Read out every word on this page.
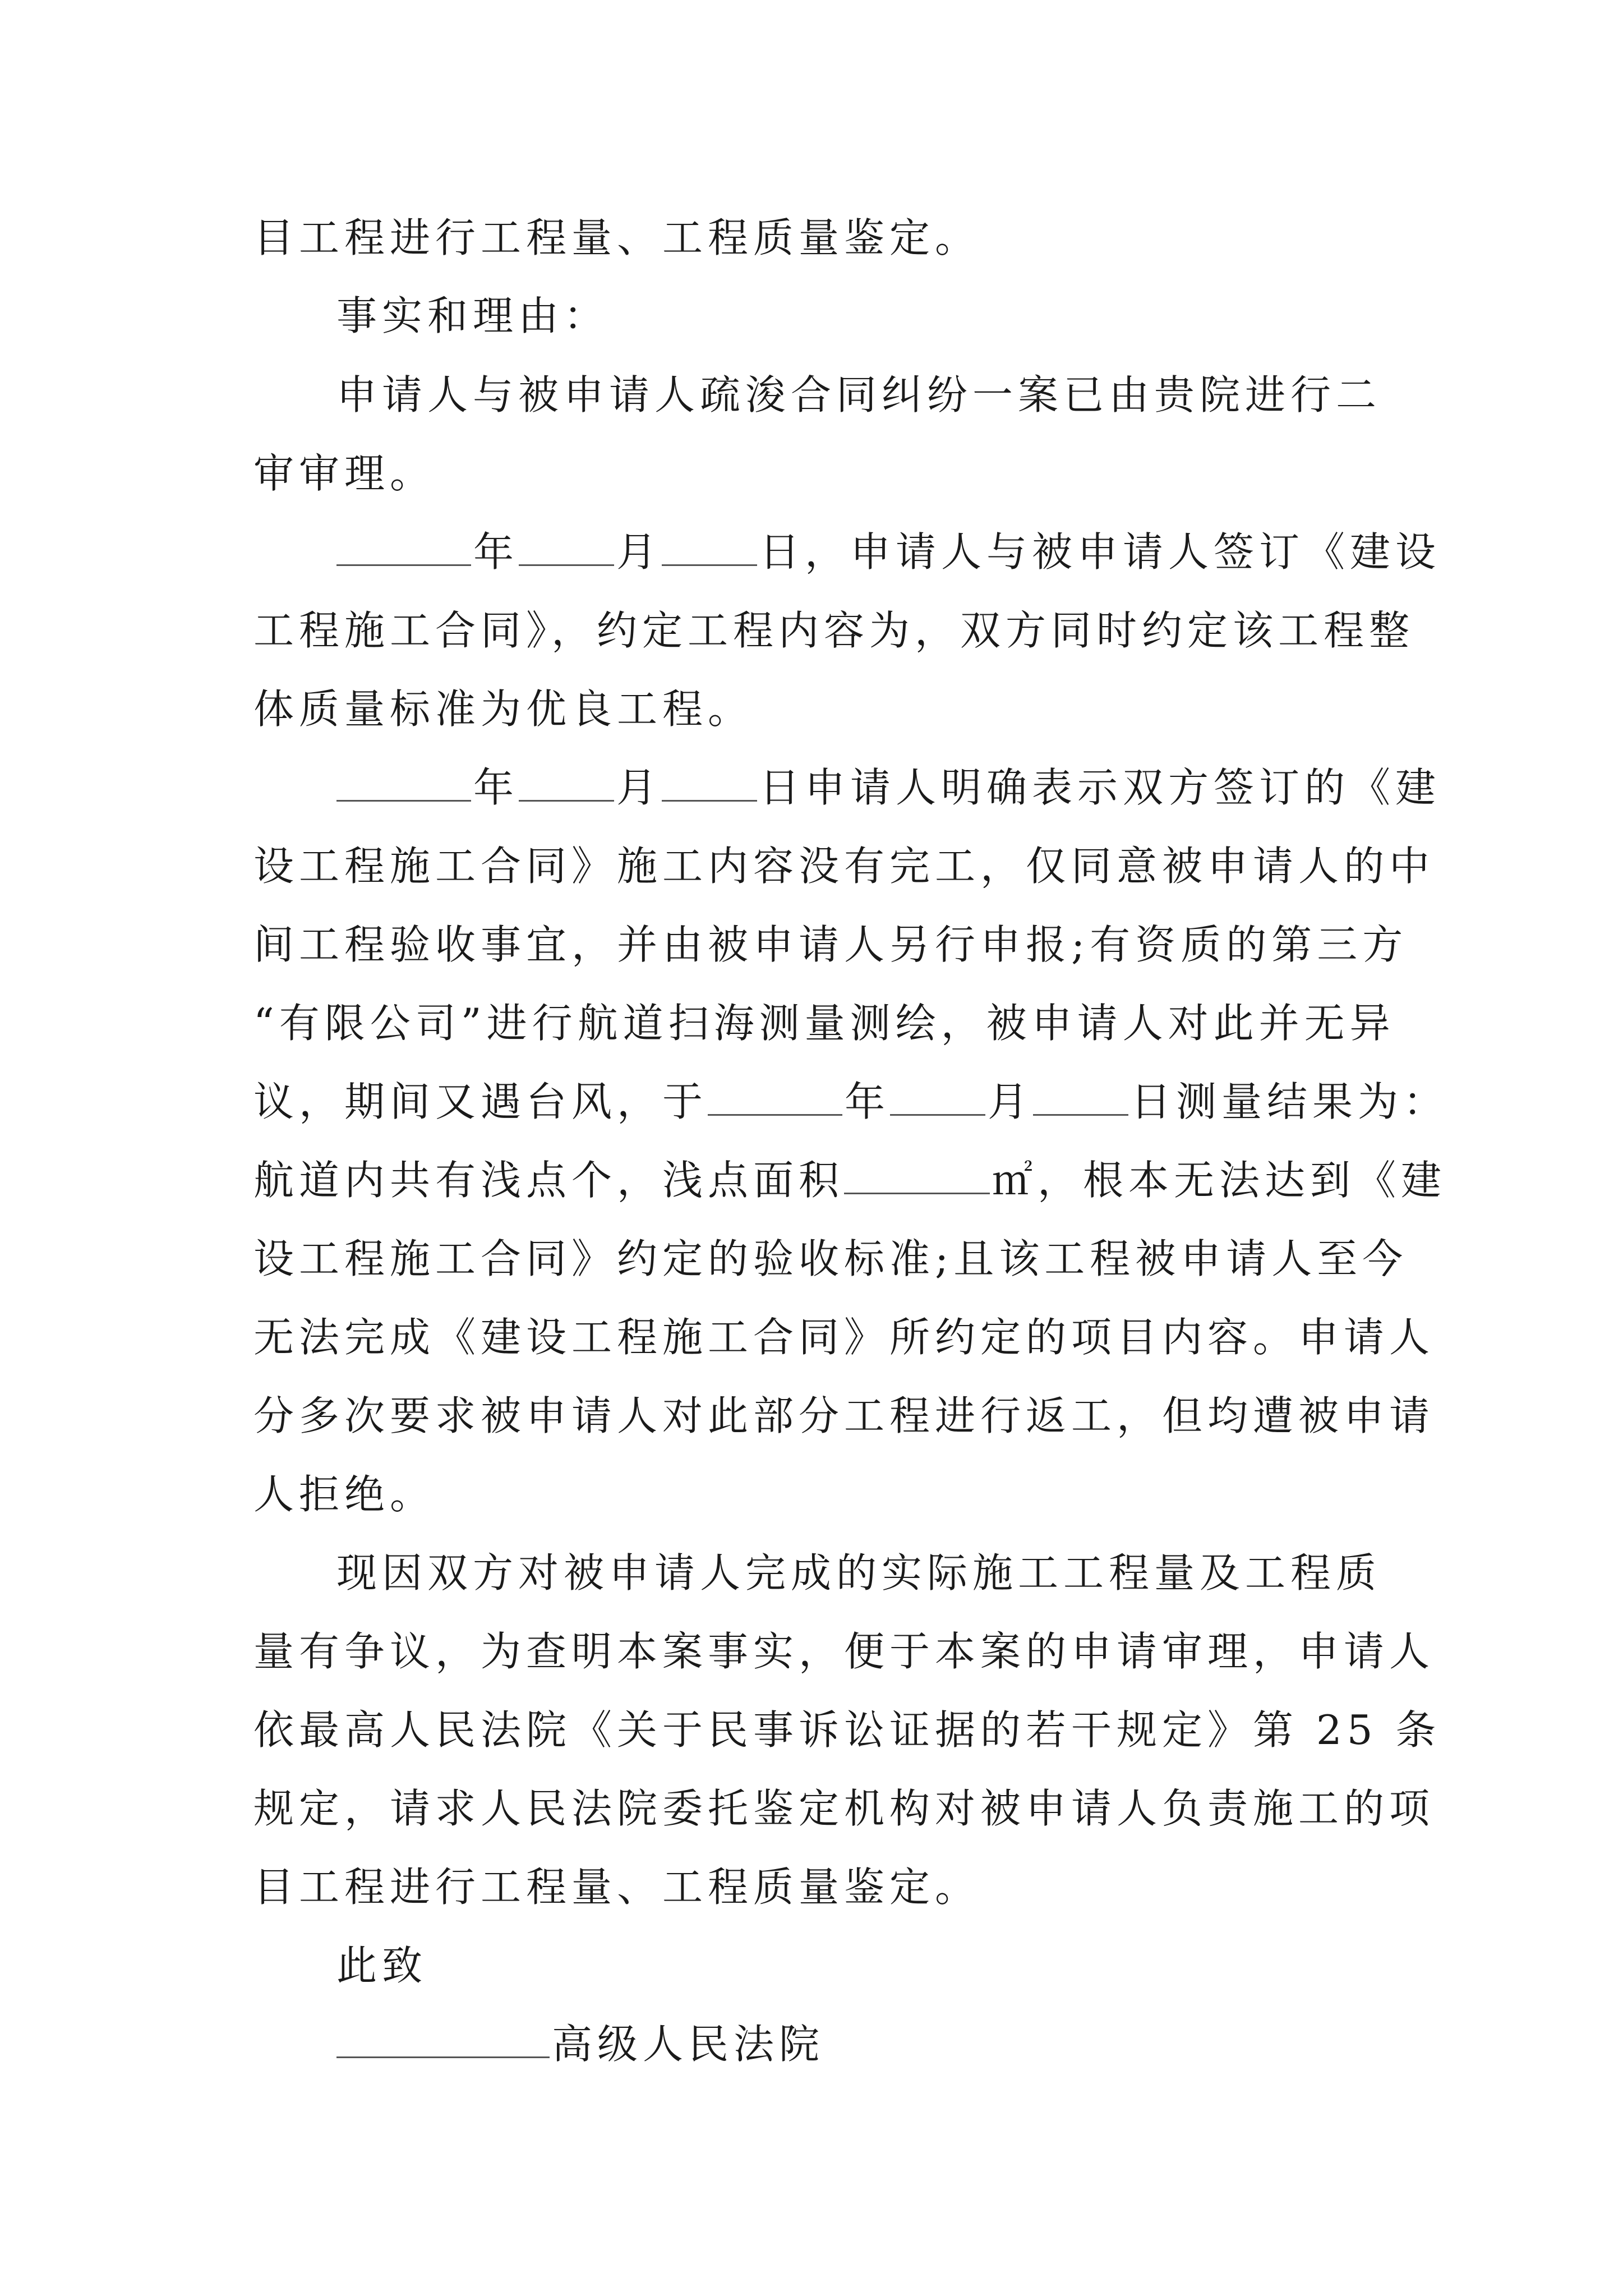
目工程进行工程量、工程质量鉴定。
事实和理由：
申请人与被申请人疏浚合同纠纷一案已由贵院进行二
审审理。
年 月 日，申请人与被申请人签订《建设
工程施工合同》，约定工程内容为，双方同时约定该工程整
体质量标准为优良工程。
年 月 日申请人明确表示双方签订的《建
设工程施工合同》施工内容没有完工，仅同意被申请人的中
间工程验收事宜，并由被申请人另行申报;有资质的第三方
“有限公司”进行航道扫海测量测绘，被申请人对此并无异
议，期间又遇台风，于	年 月 日测量结果为：
航道内共有浅点个，浅点面积	㎡，根本无法达到《建
设工程施工合同》约定的验收标准;且该工程被申请人至今
无法完成《建设工程施工合同》所约定的项目内容。申请人
分多次要求被申请人对此部分工程进行返工，但均遭被申请
人拒绝。
现因双方对被申请人完成的实际施工工程量及工程质
量有争议，为查明本案事实，便于本案的申请审理，申请人
依最高人民法院《关于民事诉讼证据的若干规定》第 25 条
规定，请求人民法院委托鉴定机构对被申请人负责施工的项
目工程进行工程量、工程质量鉴定。
此致
高级人民法院
